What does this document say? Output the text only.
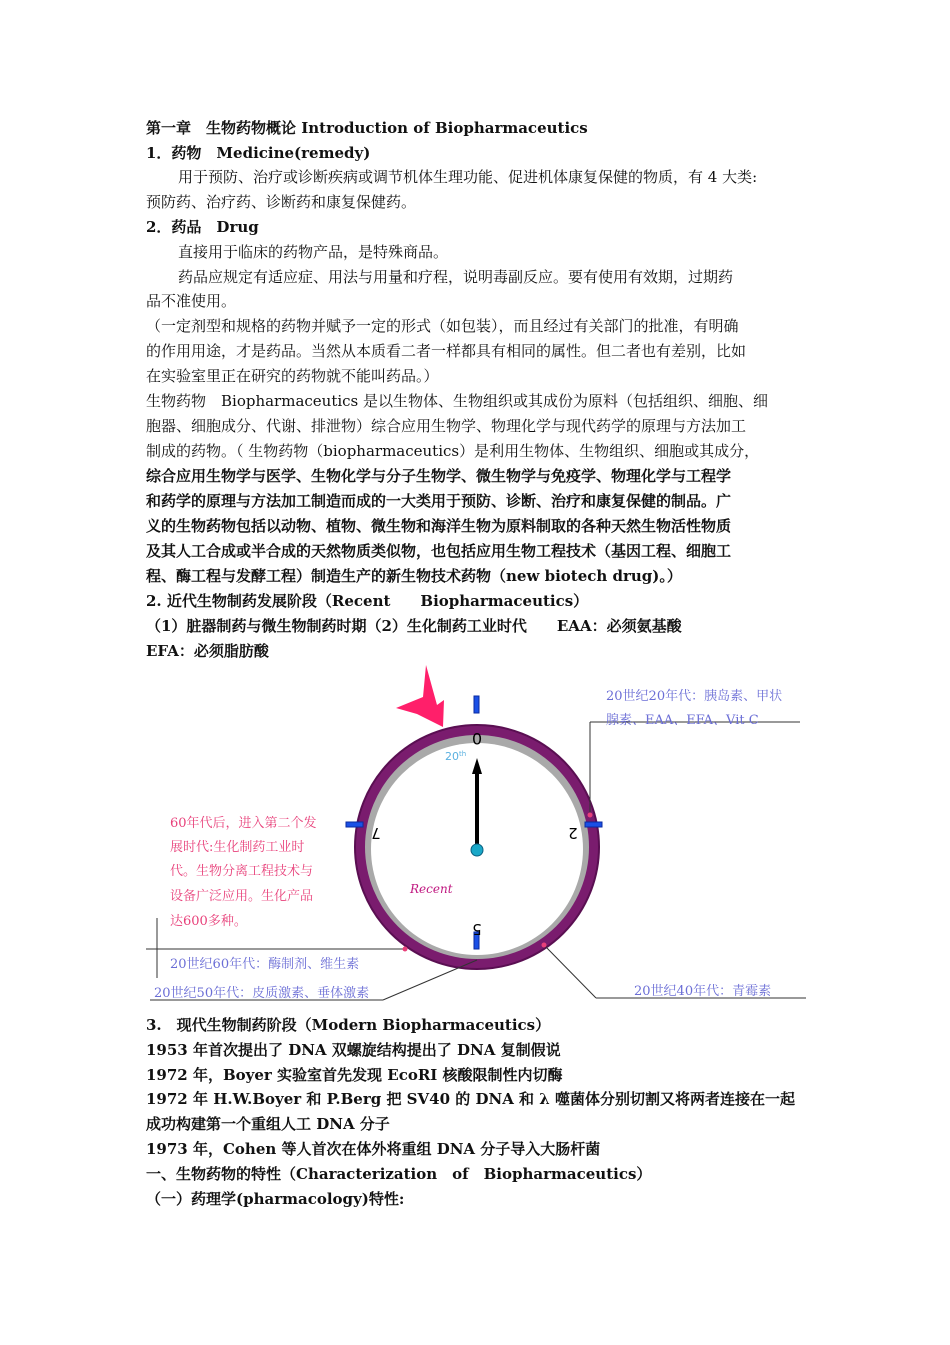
第一章　生物药物概论 Introduction of Biopharmaceutics
1．药物　Medicine(remedy)
用于预防、治疗或诊断疾病或调节机体生理功能、促进机体康复保健的物质，有 4 大类:
预防药、治疗药、诊断药和康复保健药。
2．药品　Drug
直接用于临床的药物产品，是特殊商品。
药品应规定有适应症、用法与用量和疗程，说明毒副反应。要有使用有效期，过期药
品不准使用。
（一定剂型和规格的药物并赋予一定的形式（如包装），而且经过有关部门的批准，有明确
的作用用途，才是药品。当然从本质看二者一样都具有相同的属性。但二者也有差别，比如
在实验室里正在研究的药物就不能叫药品。）
生物药物　Biopharmaceutics 是以生物体、生物组织或其成份为原料（包括组织、细胞、细
胞器、细胞成分、代谢、排泄物）综合应用生物学、物理化学与现代药学的原理与方法加工
制成的药物。（ 生物药物（biopharmaceutics）是利用生物体、生物组织、细胞或其成分，
综合应用生物学与医学、生物化学与分子生物学、微生物学与免疫学、物理化学与工程学
和药学的原理与方法加工制造而成的一大类用于预防、诊断、治疗和康复保健的制品。广
义的生物药物包括以动物、植物、微生物和海洋生物为原料制取的各种天然生物活性物质
及其人工合成或半合成的天然物质类似物，也包括应用生物工程技术（基因工程、细胞工
程、酶工程与发酵工程）制造生产的新生物技术药物（new biotech drug)。）
2. 近代生物制药发展阶段（Recent　　Biopharmaceutics）
（1）脏器制药与微生物制药时期（2）生化制药工业时代　　EAA：必须氨基酸
EFA：必须脂肪酸
3.　现代生物制药阶段（Modern Biopharmaceutics）
1953 年首次提出了 DNA 双螺旋结构提出了 DNA 复制假说
1972 年，Boyer 实验室首先发现 EcoRI 核酸限制性内切酶
1972 年 H.W.Boyer 和 P.Berg 把 SV40 的 DNA 和 λ 噬菌体分别切割又将两者连接在一起
成功构建第一个重组人工 DNA 分子
1973 年，Cohen 等人首次在体外将重组 DNA 分子导入大肠杆菌
一、生物药物的特性（Characterization　of　Biopharmaceutics）
（一）药理学(pharmacology)特性:
0
7	2
5
20th
Recent
20世纪20年代：胰岛素、甲状
腺素、EAA、EFA、Vit C
60年代后，进入第二个发
展时代:生化制药工业时
代。生物分离工程技术与
设备广泛应用。生化产品
达600多种。
20世纪60年代：酶制剂、维生素
20世纪50年代：皮质激素、垂体激素	20世纪40年代：青霉素
